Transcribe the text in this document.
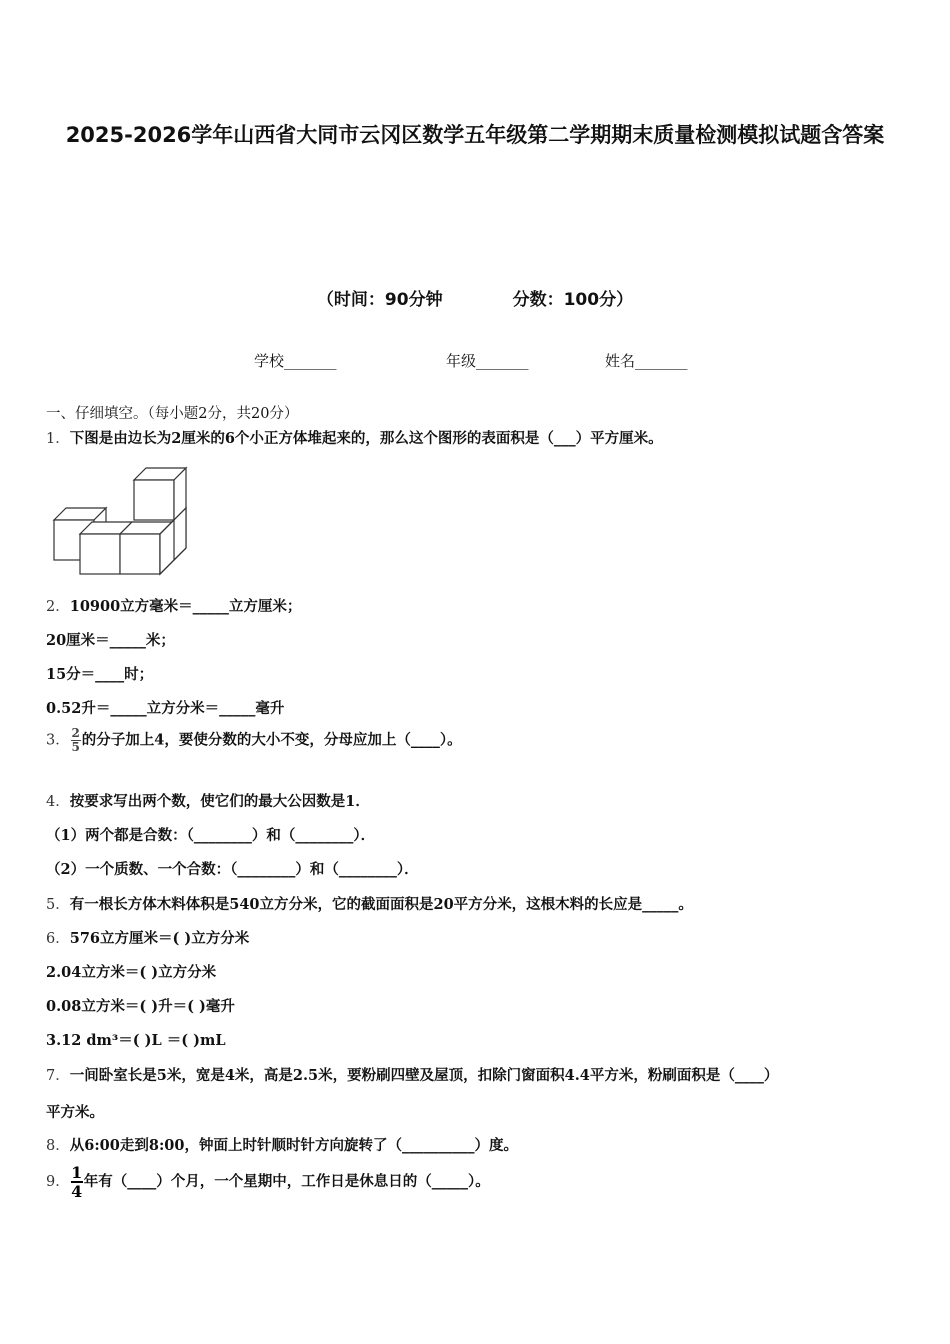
2025-2026学年山西省大同市云冈区数学五年级第二学期期末质量检测模拟试题含答案
（时间：90分钟	分数：100分）
学校_______	年级_______	姓名_______
一、仔细填空。（每小题2分，共20分）
1．下图是由边长为2厘米的6个小正方体堆起来的，那么这个图形的表面积是（___）平方厘米。
2．10900立方毫米＝_____立方厘米；
20厘米＝_____米；
15分＝____时；
0.52升＝_____立方分米＝_____毫升
3．$\frac{2}{5}$的分子加上4，要使分数的大小不变，分母应加上（____）。
4．按要求写出两个数，使它们的最大公因数是1．
（1）两个都是合数：（________）和（________）．
（2）一个质数、一个合数：（________）和（________）．
5．有一根长方体木料体积是540立方分米，它的截面面积是20平方分米，这根木料的长应是_____。
6．576立方厘米＝( )立方分米
2.04立方米＝( )立方分米
0.08立方米＝( )升＝( )毫升
3.12 dm³＝( )L ＝( )mL
7．一间卧室长是5米，宽是4米，高是2.5米，要粉刷四壁及屋顶，扣除门窗面积4.4平方米，粉刷面积是（____）
平方米。
8．从6:00走到8:00，钟面上时针顺时针方向旋转了（__________）度。
9．$\frac{1}{4}$年有（____）个月，一个星期中，工作日是休息日的（_____）。
